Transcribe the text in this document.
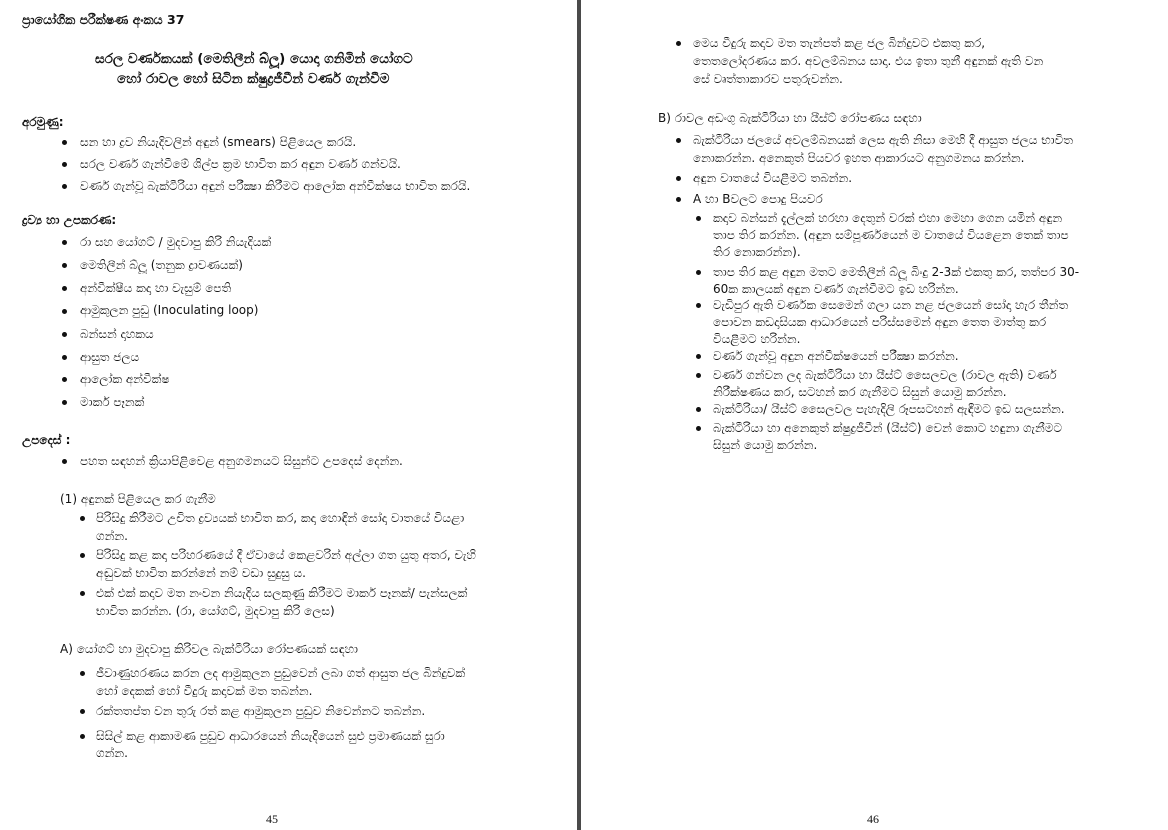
ප්‍රායෝගික පරීක්ෂණ අංකය 37
සරල වර්ණකයක් (මෙතිලීන් බ්ලූ) යොදා ගනිමින් යෝගට
හෝ රාවල හෝ සිටින ක්ෂුද්‍රජීවීන් වර්ණ ගැන්වීම
අරමුණු:
සන හා ද්‍රව නියැදිවලින් අඳුන් (smears) පිළියෙල කරයි.
සරල වර්ණ ගැන්වීමේ ශිල්ප ක්‍රම භාවිත කර අඳුන වර්ණ ගන්වයි.
වර්ණ ගැන්වූ බැක්ටීරියා අඳුන් පරීක්‍ෂා කිරීමට ආලෝක අන්වීක්ෂය භාවිත කරයි.
ද්‍රව්‍ය හා උපකරණ:
රා සහ යෝගට් / මුදවාපු කිරි නියැදියක්
මෙතිලීන් බ්ලූ (තනුක ද්‍රාවණයක්)
අන්වීක්ෂීය කදා හා වැසුම් පෙති
ආමුකුලන පුඩු (Inoculating loop)
බන්සන් දාහකය
ආසුත ජලය
ආලෝක අන්වීක්ෂ
මාකර් පෑනක්
උපදෙස් :
පහත සඳහන් ක්‍රියාපිළිවෙළ අනුගමනයට සිසුන්ට උපදෙස් දෙන්න.
(1) අඳුනක් පිළියෙල කර ගැනීම
පිරිසිදු කිරීමට උචිත ද්‍රව්‍යයක් භාවිත කර, කදා හොඳින් සෝදා වාතයේ වියළා
ගන්න.
පිරිසිදු කළ කදා පරිහරණයේ දී ඒවායේ කෙළවරින් අල්ලා ගත යුතු අතර, චැහි
අඬුවක් භාවිත කරන්නේ නම් වඩා සුදුසු ය.
එක් එක් කදාව මත නංවන නියැදිය සලකුණු කිරීමට මාකර් පෑනක්/ පැන්සලක්
භාවිත කරන්න. (රා, යෝගට්, මුදවාපු කිරි ලෙස)
A) යෝගට් හා මුදවාපු කිරිවල බැක්ටීරියා රෝපණයක් සඳහා
ජීවාණුහරණය කරන ලද ආමුකුලන පුඩුවෙන් ලබා ගත් ආසුත ජල බින්දුවක්
හෝ දෙකක් හෝ වීදුරු කදාවක් මත තබන්න.
රක්තතප්ත වන තුරු රත් කළ ආමුකුලන පුඩුව නිවෙන්නට තබන්න.
සිසිල් කළ ආකාමණ පුඩුව ආධාරයෙන් නියැදියෙන් සුළු ප්‍රමාණයක් සුරා
ගන්න.
45
මෙය වීදුරු කදාව මත තැන්පත් කළ ජල බින්දුවට එකතු කර,
තෙතලෝදරණය කර. අවලම්බනය සාදා. එය ඉතා තුනී අඳුනක් ඇති වන
සේ වෘත්තාකාරව පතුරුවන්න.
B) රාවල අඩංගු බැක්ටීරියා හා යීස්ට් රෝපණය සඳහා
බැක්ටීරියා ජලයේ අවලම්බනයක් ලෙස ඇති නිසා මෙහි දී ආසුත ජලය භාවිත
නොකරන්න. අනෙකුත් පියවර ඉහත ආකාරයට අනුගමනය කරන්න.
අඳුන වාතයේ වියළීමට තබන්න.
A හා Bවලට පොදු පියවර
කදාව බන්සන් දැල්ලක් හරහා දෙතුන් වරක් එහා මෙහා ගෙන යමින් අඳුන
තාප තිර කරන්න. (අඳුන සම්පූර්ණයෙන් ම වාතයේ වියළෙන තෙක් තාප
තිර නොකරන්න).
තාප තිර කළ අඳුන මතට මෙතිලීන් බ්ලූ බිංදු 2-3ක් එකතු කර, තත්පර 30-
60ක කාලයක් අඳුන වර්ණ ගැන්වීමට ඉඩ හරින්න.
වැඩිපුර ඇති වර්ණක සෙමෙන් ගලා යන නළ ජලයෙන් සෝදා හැර තීන්ත
පොවන කඩදාසියක ආධාරයෙන් පරිස්සමෙන් අඳුන තෙත මාත්තු කර
වියළීමට හරින්න.
වර්ණ ගැන්වූ අඳුන අන්වීක්ෂයෙන් පරීක්‍ෂා කරන්න.
වර්ණ ගන්වන ලද බැක්ටීරියා හා යීස්ට් සෛලවල (රාවල ඇති) වර්ණ
නිරීක්ෂණය කර, සටහන් කර ගැනීමට සිසුන් යොමු කරන්න.
බැක්ටීරියා/ යීස්ට් සෛලවල පැහැදිලි රූපසටහන් ඇඳීමට ඉඩ සලසන්න.
බැක්ටීරියා හා අනෙකුත් ක්ෂුද්‍රජීවීන් (යීස්ට්) වෙන් කොට හඳුනා ගැනීමට
සිසුන් යොමු කරන්න.
46
